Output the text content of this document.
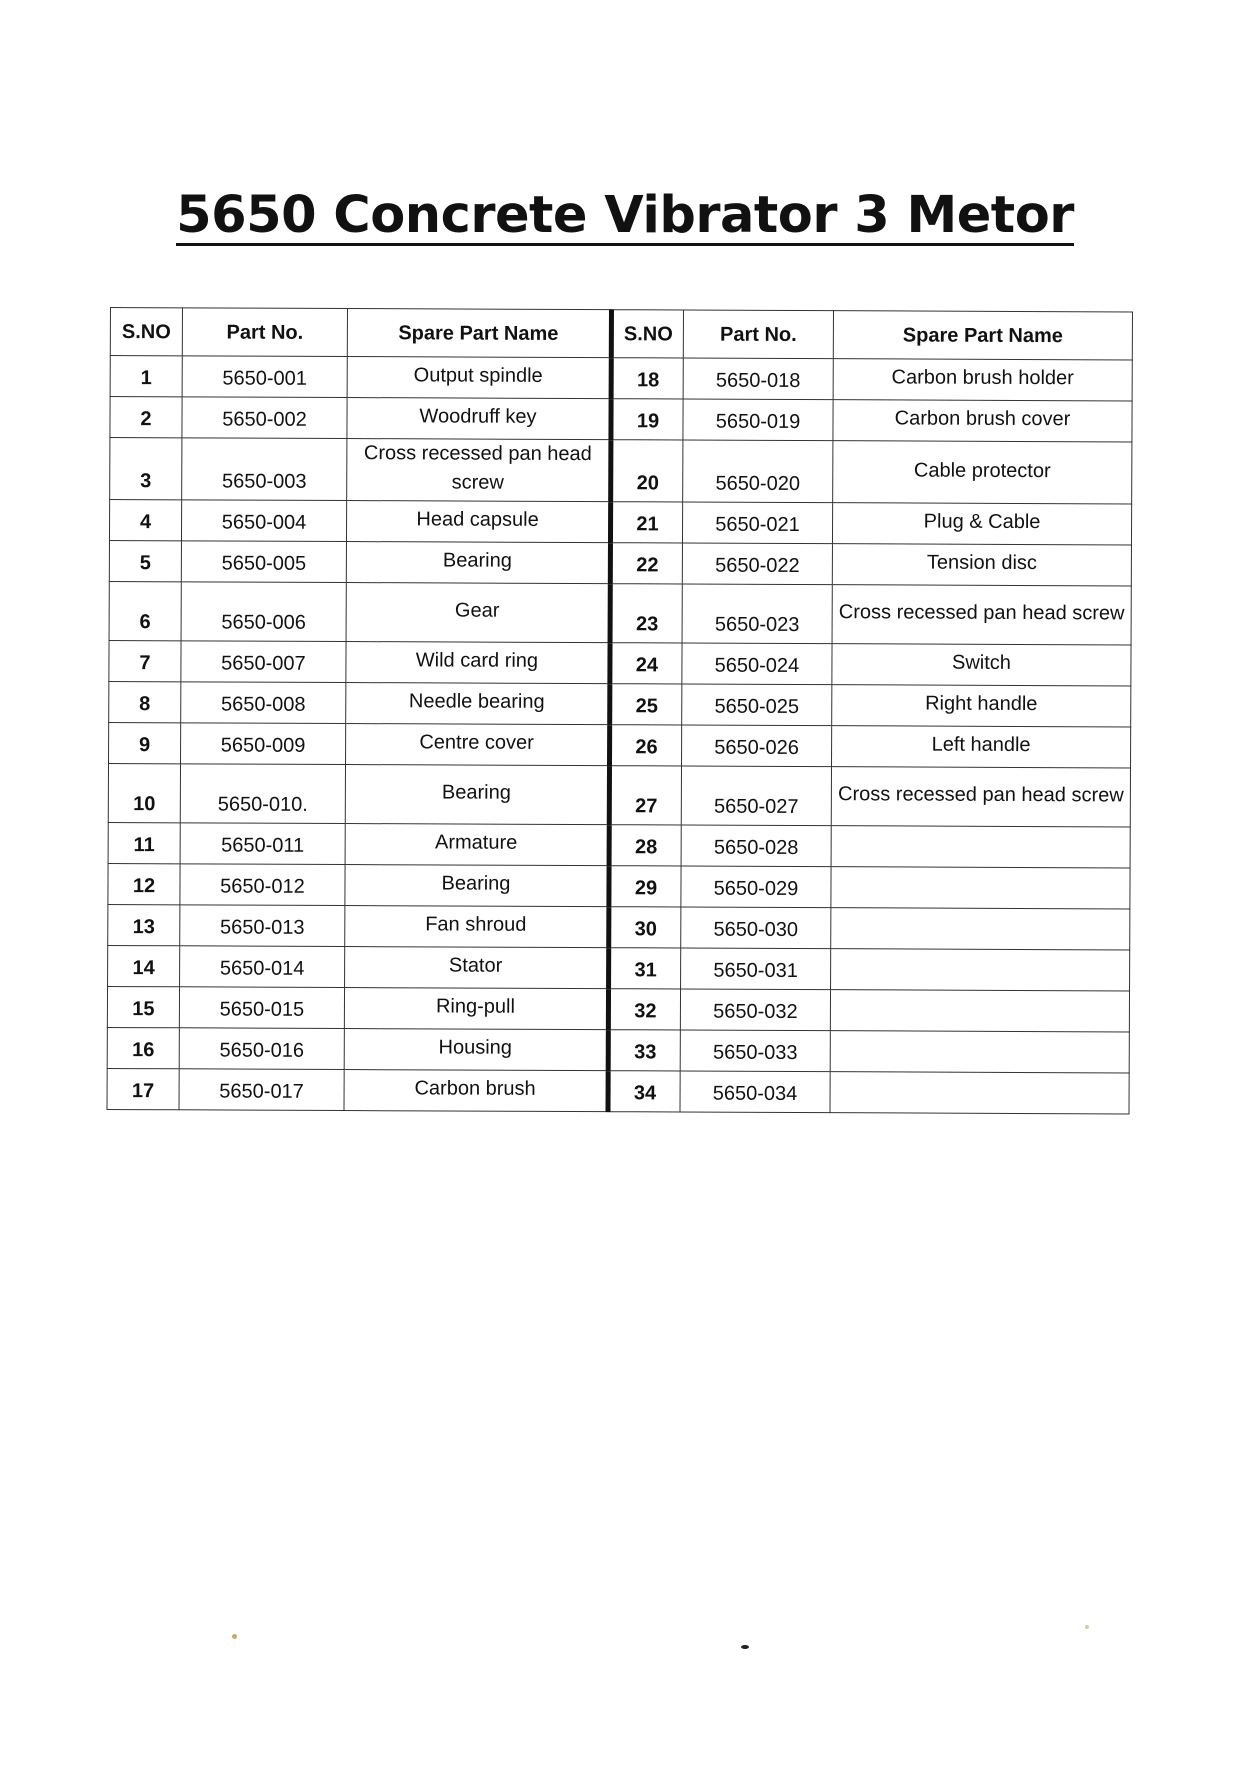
5650 Concrete Vibrator 3 Metor
S.NO	Part No.	Spare Part Name	S.NO	Part No.	Spare Part Name
1	5650-001	Output spindle	18	5650-018	Carbon brush holder
2	5650-002	Woodruff key	19	5650-019	Carbon brush cover
3	5650-003	Cross recessed pan head screw	20	5650-020	Cable protector
4	5650-004	Head capsule	21	5650-021	Plug & Cable
5	5650-005	Bearing	22	5650-022	Tension disc
6	5650-006	Gear	23	5650-023	Cross recessed pan head screw
7	5650-007	Wild card ring	24	5650-024	Switch
8	5650-008	Needle bearing	25	5650-025	Right handle
9	5650-009	Centre cover	26	5650-026	Left handle
10	5650-010.	Bearing	27	5650-027	Cross recessed pan head screw
11	5650-011	Armature	28	5650-028	
12	5650-012	Bearing	29	5650-029	
13	5650-013	Fan shroud	30	5650-030	
14	5650-014	Stator	31	5650-031	
15	5650-015	Ring-pull	32	5650-032	
16	5650-016	Housing	33	5650-033	
17	5650-017	Carbon brush	34	5650-034	
